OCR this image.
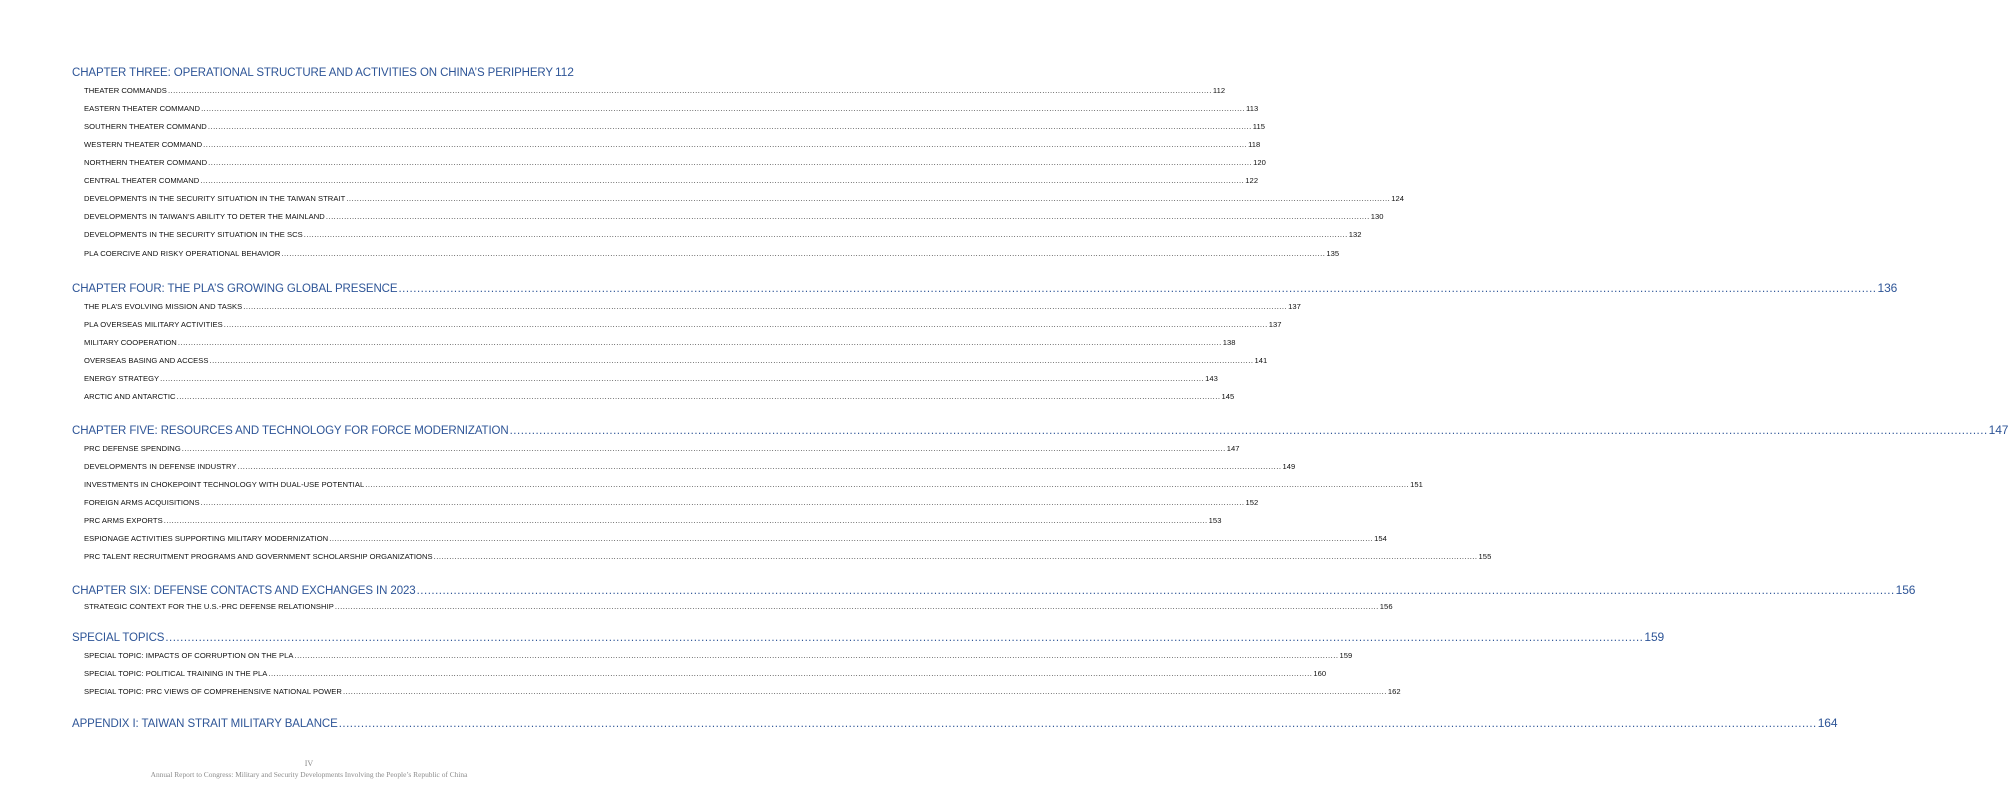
CHAPTER THREE: OPERATIONAL STRUCTURE AND ACTIVITIES ON CHINA’S PERIPHERY 112
THEATER COMMANDS ................................................................................................................................................................................................................................................................................................................................................................................................................ 112
EASTERN THEATER COMMAND ................................................................................................................................................................................................................................................................................................................................................................................................................ 113
SOUTHERN THEATER COMMAND ................................................................................................................................................................................................................................................................................................................................................................................................................ 115
WESTERN THEATER COMMAND ................................................................................................................................................................................................................................................................................................................................................................................................................ 118
NORTHERN THEATER COMMAND ................................................................................................................................................................................................................................................................................................................................................................................................................ 120
CENTRAL THEATER COMMAND ................................................................................................................................................................................................................................................................................................................................................................................................................ 122
DEVELOPMENTS IN THE SECURITY SITUATION IN THE TAIWAN STRAIT ................................................................................................................................................................................................................................................................................................................................................................................................................ 124
DEVELOPMENTS IN TAIWAN’S ABILITY TO DETER THE MAINLAND ................................................................................................................................................................................................................................................................................................................................................................................................................ 130
DEVELOPMENTS IN THE SECURITY SITUATION IN THE SCS ................................................................................................................................................................................................................................................................................................................................................................................................................ 132
PLA COERCIVE AND RISKY OPERATIONAL BEHAVIOR ................................................................................................................................................................................................................................................................................................................................................................................................................ 135
CHAPTER FOUR: THE PLA’S GROWING GLOBAL PRESENCE ................................................................................................................................................................................................................................................................................................................................................................................................................ 136
THE PLA’S EVOLVING MISSION AND TASKS ................................................................................................................................................................................................................................................................................................................................................................................................................ 137
PLA OVERSEAS MILITARY ACTIVITIES ................................................................................................................................................................................................................................................................................................................................................................................................................ 137
MILITARY COOPERATION ................................................................................................................................................................................................................................................................................................................................................................................................................ 138
OVERSEAS BASING AND ACCESS ................................................................................................................................................................................................................................................................................................................................................................................................................ 141
ENERGY STRATEGY ................................................................................................................................................................................................................................................................................................................................................................................................................ 143
ARCTIC AND ANTARCTIC ................................................................................................................................................................................................................................................................................................................................................................................................................ 145
CHAPTER FIVE: RESOURCES AND TECHNOLOGY FOR FORCE MODERNIZATION ................................................................................................................................................................................................................................................................................................................................................................................................................ 147
PRC DEFENSE SPENDING ................................................................................................................................................................................................................................................................................................................................................................................................................ 147
DEVELOPMENTS IN DEFENSE INDUSTRY ................................................................................................................................................................................................................................................................................................................................................................................................................ 149
INVESTMENTS IN CHOKEPOINT TECHNOLOGY WITH DUAL-USE POTENTIAL ................................................................................................................................................................................................................................................................................................................................................................................................................ 151
FOREIGN ARMS ACQUISITIONS ................................................................................................................................................................................................................................................................................................................................................................................................................ 152
PRC ARMS EXPORTS ................................................................................................................................................................................................................................................................................................................................................................................................................ 153
ESPIONAGE ACTIVITIES SUPPORTING MILITARY MODERNIZATION ................................................................................................................................................................................................................................................................................................................................................................................................................ 154
PRC TALENT RECRUITMENT PROGRAMS AND GOVERNMENT SCHOLARSHIP ORGANIZATIONS ................................................................................................................................................................................................................................................................................................................................................................................................................ 155
CHAPTER SIX: DEFENSE CONTACTS AND EXCHANGES IN 2023 ................................................................................................................................................................................................................................................................................................................................................................................................................ 156
STRATEGIC CONTEXT FOR THE U.S.-PRC DEFENSE RELATIONSHIP ................................................................................................................................................................................................................................................................................................................................................................................................................ 156
SPECIAL TOPICS ................................................................................................................................................................................................................................................................................................................................................................................................................ 159
SPECIAL TOPIC: IMPACTS OF CORRUPTION ON THE PLA ................................................................................................................................................................................................................................................................................................................................................................................................................ 159
SPECIAL TOPIC: POLITICAL TRAINING IN THE PLA ................................................................................................................................................................................................................................................................................................................................................................................................................ 160
SPECIAL TOPIC: PRC VIEWS OF COMPREHENSIVE NATIONAL POWER ................................................................................................................................................................................................................................................................................................................................................................................................................ 162
APPENDIX I: TAIWAN STRAIT MILITARY BALANCE ................................................................................................................................................................................................................................................................................................................................................................................................................ 164
IV
Annual Report to Congress: Military and Security Developments Involving the People’s Republic of China
